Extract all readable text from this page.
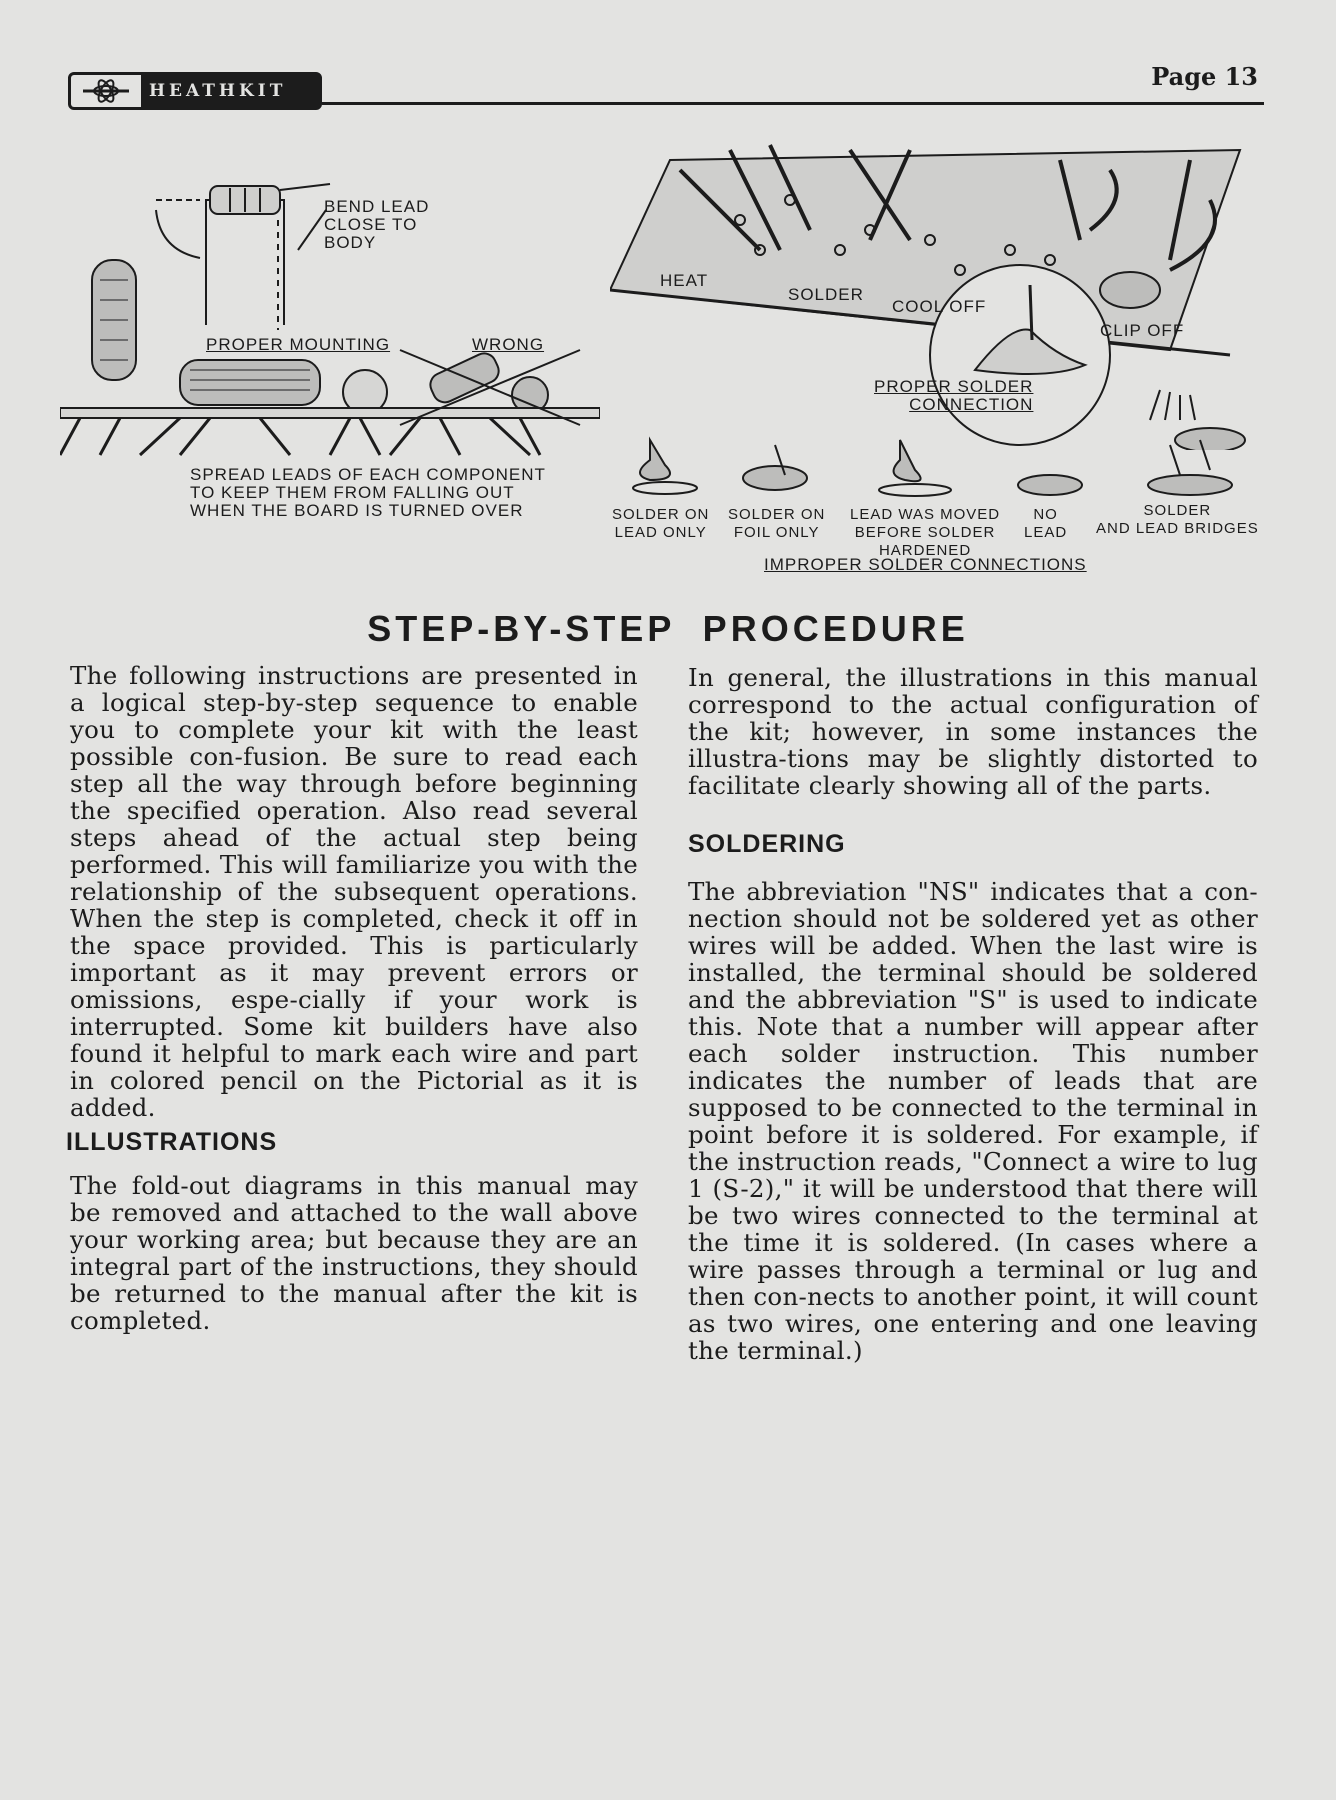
HEATHKIT	Page 13
BEND LEAD
CLOSE TO
BODY
PROPER MOUNTING	WRONG
SPREAD LEADS OF EACH COMPONENT
TO KEEP THEM FROM FALLING OUT
WHEN THE BOARD IS TURNED OVER
HEAT
SOLDER
COOL OFF
CLIP OFF
PROPER SOLDER
CONNECTION
SOLDER ON
LEAD ONLY
SOLDER ON
FOIL ONLY
LEAD WAS MOVED
BEFORE SOLDER
HARDENED
NO
LEAD
SOLDER
AND LEAD BRIDGES
IMPROPER SOLDER CONNECTIONS
STEP-BY-STEP  PROCEDURE
The following instructions are presented in a logical step-by-step sequence to enable you to complete your kit with the least possible con-fusion. Be sure to read each step all the way through before beginning the specified operation. Also read several steps ahead of the actual step being performed. This will familiarize you with the relationship of the subsequent operations. When the step is completed, check it off in the space provided. This is particularly important as it may prevent errors or omissions, espe-cially if your work is interrupted. Some kit builders have also found it helpful to mark each wire and part in colored pencil on the Pictorial as it is added.
ILLUSTRATIONS
The fold-out diagrams in this manual may be removed and attached to the wall above your working area; but because they are an integral part of the instructions, they should be returned to the manual after the kit is completed.
In general, the illustrations in this manual correspond to the actual configuration of the kit; however, in some instances the illustra-tions may be slightly distorted to facilitate clearly showing all of the parts.
SOLDERING
The abbreviation "NS" indicates that a con-nection should not be soldered yet as other wires will be added. When the last wire is installed, the terminal should be soldered and the abbreviation "S" is used to indicate this. Note that a number will appear after each solder instruction. This number indicates the number of leads that are supposed to be connected to the terminal in point before it is soldered. For example, if the instruction reads, "Connect a wire to lug 1 (S-2)," it will be understood that there will be two wires connected to the terminal at the time it is soldered. (In cases where a wire passes through a terminal or lug and then con-nects to another point, it will count as two wires, one entering and one leaving the terminal.)
